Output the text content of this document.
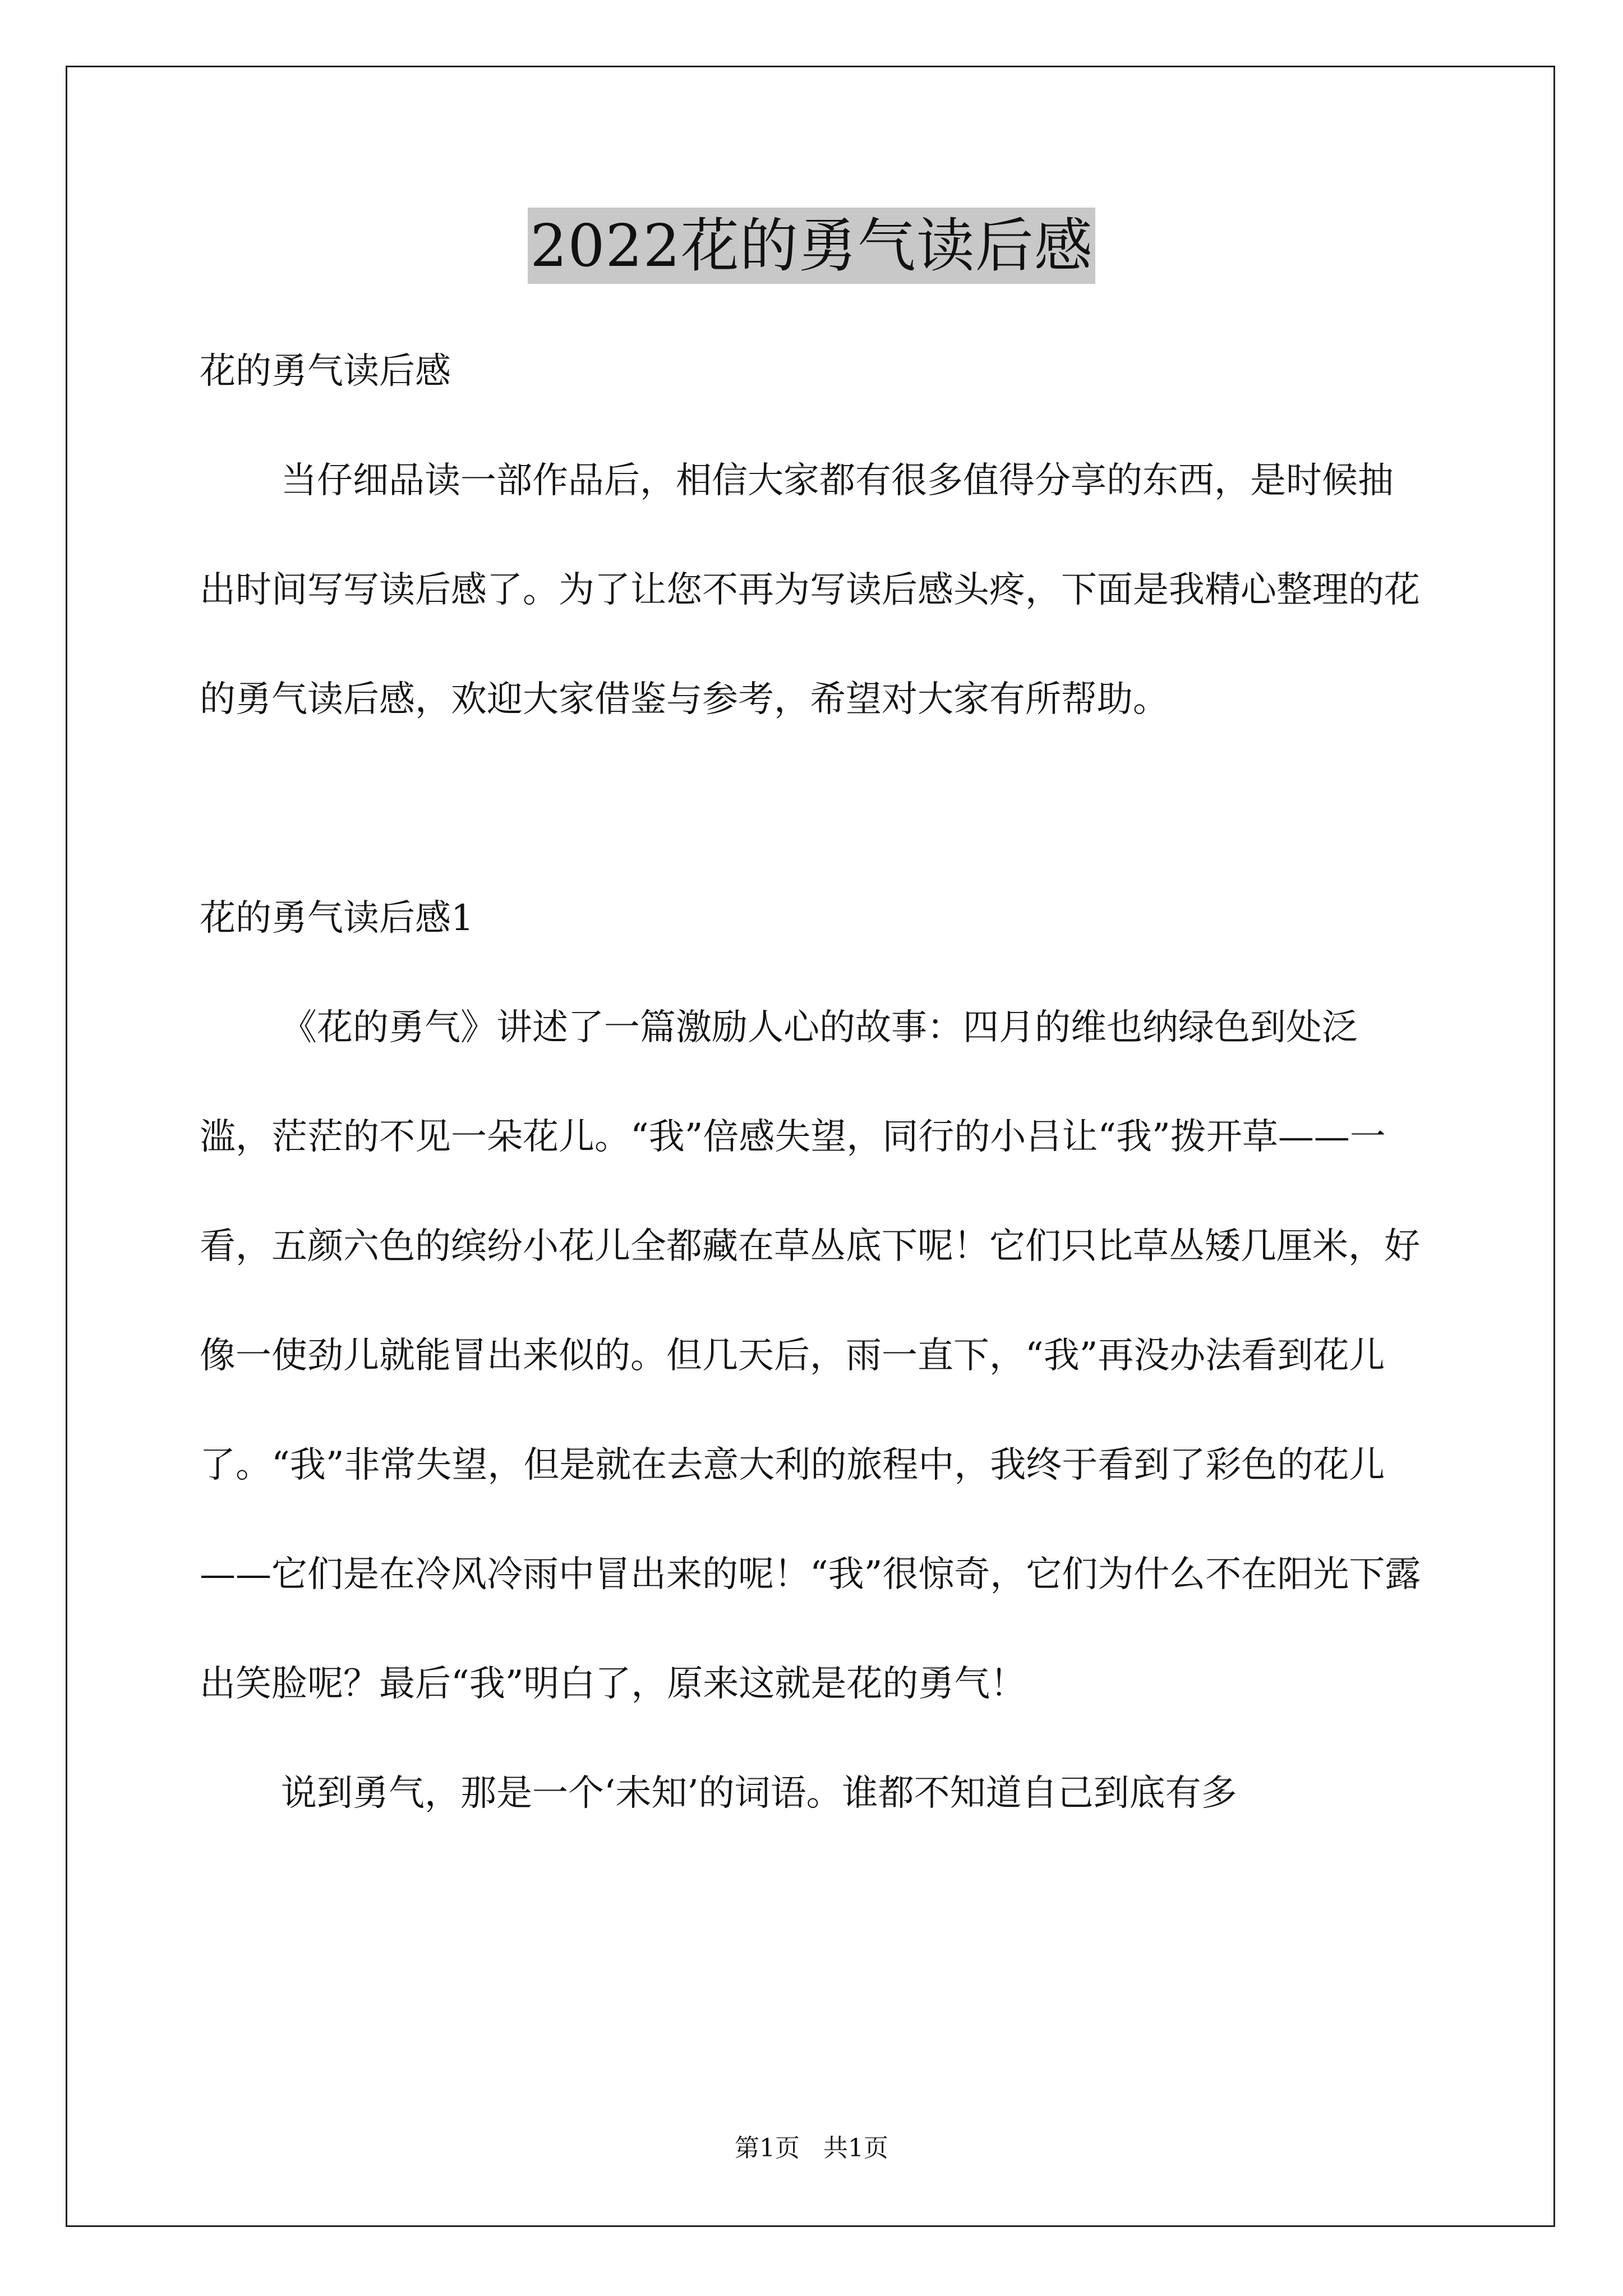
2022花的勇气读后感

花的勇气读后感

当仔细品读一部作品后，相信大家都有很多值得分享的东西，是时候抽出时间写写读后感了。为了让您不再为写读后感头疼，下面是我精心整理的花的勇气读后感，欢迎大家借鉴与参考，希望对大家有所帮助。

花的勇气读后感1

《花的勇气》讲述了一篇激励人心的故事：四月的维也纳绿色到处泛滥，茫茫的不见一朵花儿。“我”倍感失望，同行的小吕让“我”拨开草——一看，五颜六色的缤纷小花儿全都藏在草丛底下呢！它们只比草丛矮几厘米，好像一使劲儿就能冒出来似的。但几天后，雨一直下，“我”再没办法看到花儿了。“我”非常失望，但是就在去意大利的旅程中，我终于看到了彩色的花儿——它们是在冷风冷雨中冒出来的呢！“我”很惊奇，它们为什么不在阳光下露出笑脸呢？最后“我”明白了，原来这就是花的勇气！

说到勇气，那是一个‘未知’的词语。谁都不知道自己到底有多

第1页   共1页
